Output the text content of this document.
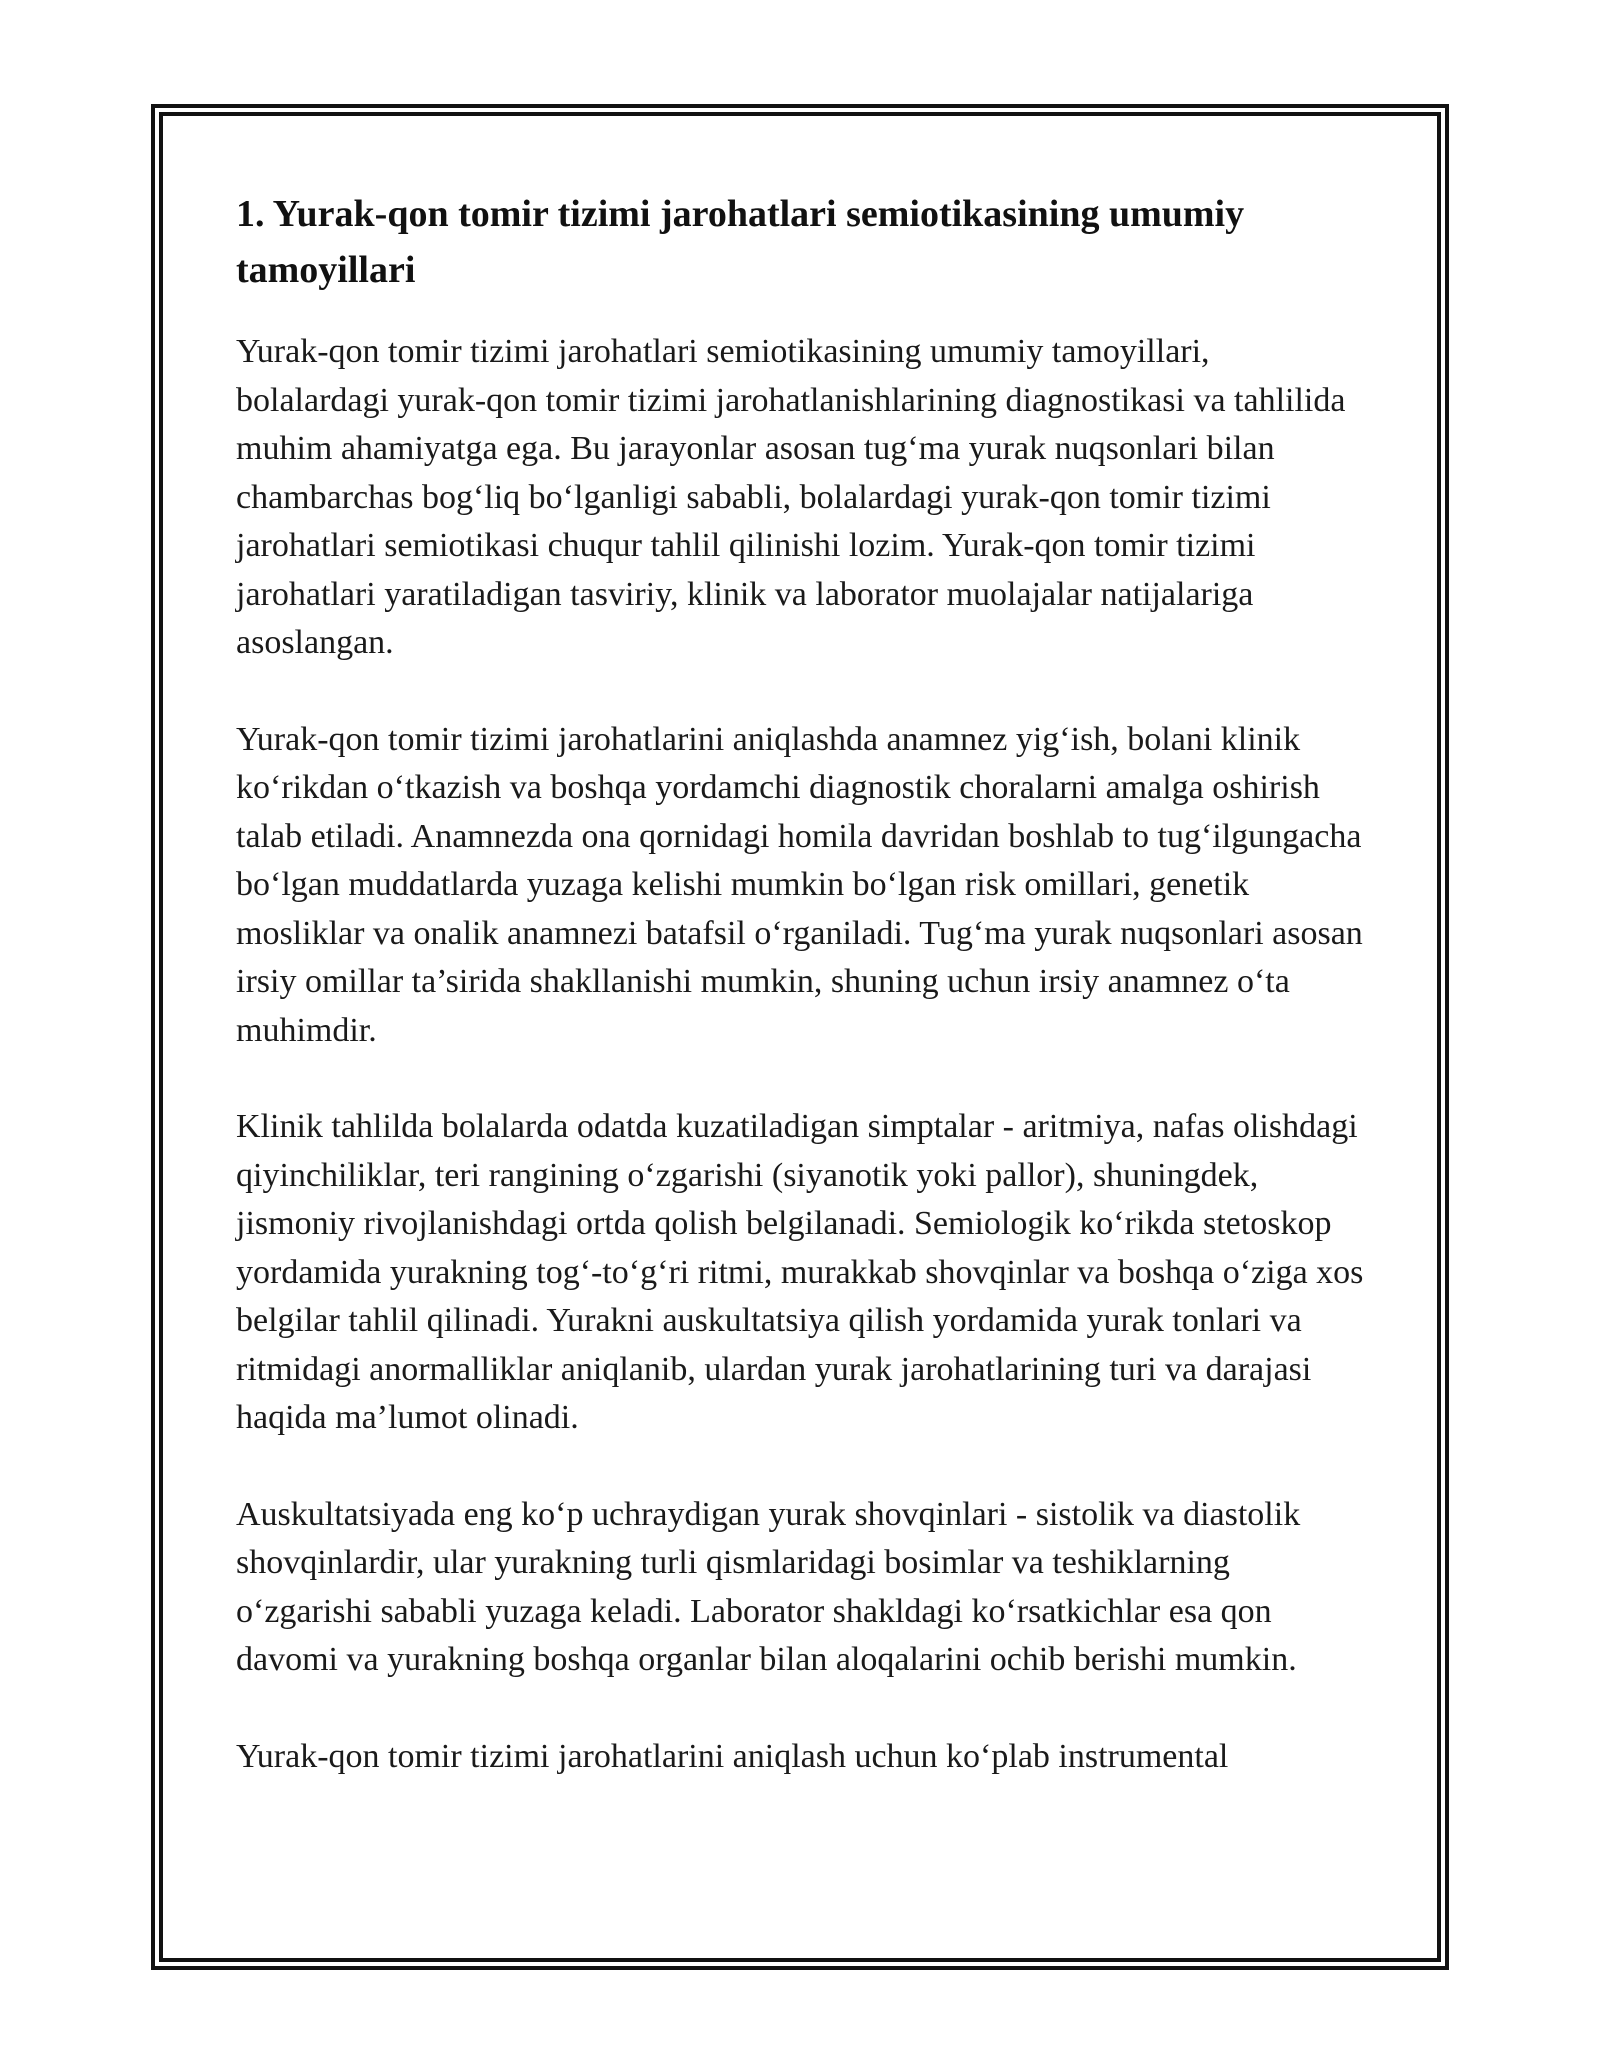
1. Yurak-qon tomir tizimi jarohatlari semiotikasining umumiy tamoyillari

Yurak-qon tomir tizimi jarohatlari semiotikasining umumiy tamoyillari, bolalardagi yurak-qon tomir tizimi jarohatlanishlarining diagnostikasi va tahlilida muhim ahamiyatga ega. Bu jarayonlar asosan tug‘ma yurak nuqsonlari bilan chambarchas bog‘liq bo‘lganligi sababli, bolalardagi yurak-qon tomir tizimi jarohatlari semiotikasi chuqur tahlil qilinishi lozim. Yurak-qon tomir tizimi jarohatlari yaratiladigan tasviriy, klinik va laborator muolajalar natijalariga asoslangan.

Yurak-qon tomir tizimi jarohatlarini aniqlashda anamnez yig‘ish, bolani klinik ko‘rikdan o‘tkazish va boshqa yordamchi diagnostik choralarni amalga oshirish talab etiladi. Anamnezda ona qornidagi homila davridan boshlab to tug‘ilgungacha bo‘lgan muddatlarda yuzaga kelishi mumkin bo‘lgan risk omillari, genetik mosliklar va onalik anamnezi batafsil o‘rganiladi. Tug‘ma yurak nuqsonlari asosan irsiy omillar ta’sirida shakllanishi mumkin, shuning uchun irsiy anamnez o‘ta muhimdir.

Klinik tahlilda bolalarda odatda kuzatiladigan simptalar - aritmiya, nafas olishdagi qiyinchiliklar, teri rangining o‘zgarishi (siyanotik yoki pallor), shuningdek, jismoniy rivojlanishdagi ortda qolish belgilanadi. Semiologik ko‘rikda stetoskop yordamida yurakning tog‘-to‘g‘ri ritmi, murakkab shovqinlar va boshqa o‘ziga xos belgilar tahlil qilinadi. Yurakni auskultatsiya qilish yordamida yurak tonlari va ritmidagi anormalliklar aniqlanib, ulardan yurak jarohatlarining turi va darajasi haqida ma’lumot olinadi.

Auskultatsiyada eng ko‘p uchraydigan yurak shovqinlari - sistolik va diastolik shovqinlardir, ular yurakning turli qismlaridagi bosimlar va teshiklarning o‘zgarishi sababli yuzaga keladi. Laborator shakldagi ko‘rsatkichlar esa qon davomi va yurakning boshqa organlar bilan aloqalarini ochib berishi mumkin.

Yurak-qon tomir tizimi jarohatlarini aniqlash uchun ko‘plab instrumental
